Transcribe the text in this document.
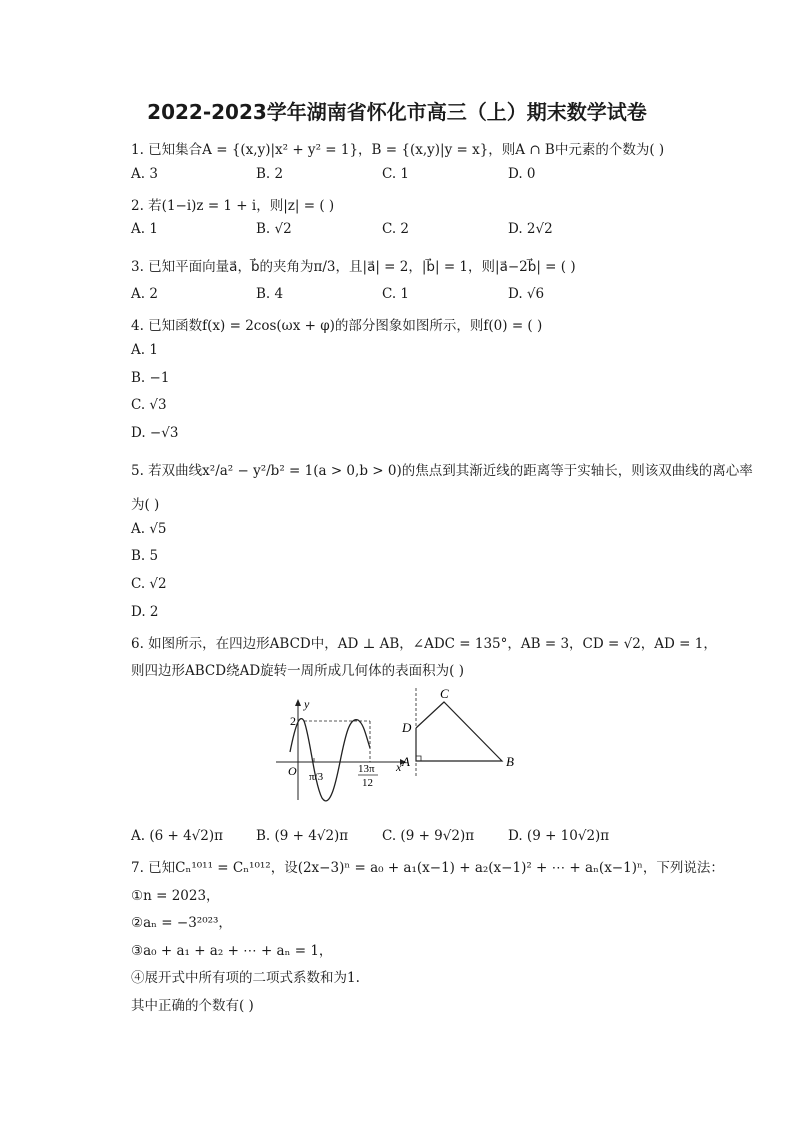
2022-2023学年湖南省怀化市高三（上）期末数学试卷
1. 已知集合A = {(x,y)|x² + y² = 1}，B = {(x,y)|y = x}，则A ∩ B中元素的个数为( )
A. 3	B. 2	C. 1	D. 0
2. 若(1−i)z = 1 + i，则|z| = ( )
A. 1	B. √2	C. 2	D. 2√2
3. 已知平面向量a⃗，b⃗的夹角为π/3，且|a⃗| = 2，|b⃗| = 1，则|a⃗−2b⃗| = ( )
A. 2	B. 4	C. 1	D. √6
4. 已知函数f(x) = 2cos(ωx + φ)的部分图象如图所示，则f(0) = ( )
A. 1
B. −1
C. √3
D. −√3
5. 若双曲线x²/a² − y²/b² = 1(a > 0,b > 0)的焦点到其渐近线的距离等于实轴长，则该双曲线的离心率
为( )
A. √5
B. 5
C. √2
D. 2
6. 如图所示，在四边形ABCD中，AD ⊥ AB，∠ADC = 135°，AB = 3，CD = √2，AD = 1，
则四边形ABCD绕AD旋转一周所成几何体的表面积为( )
2
y
x
O π/3
13π
12
C
D
A	B
A. (6 + 4√2)π B. (9 + 4√2)π	C. (9 + 9√2)π	D. (9 + 10√2)π
7. 已知Cₙ¹⁰¹¹ = Cₙ¹⁰¹²，设(2x−3)ⁿ = a₀ + a₁(x−1) + a₂(x−1)² + ⋯ + aₙ(x−1)ⁿ，下列说法：
①n = 2023，
②aₙ = −3²⁰²³，
③a₀ + a₁ + a₂ + ⋯ + aₙ = 1，
④展开式中所有项的二项式系数和为1.
其中正确的个数有( )
